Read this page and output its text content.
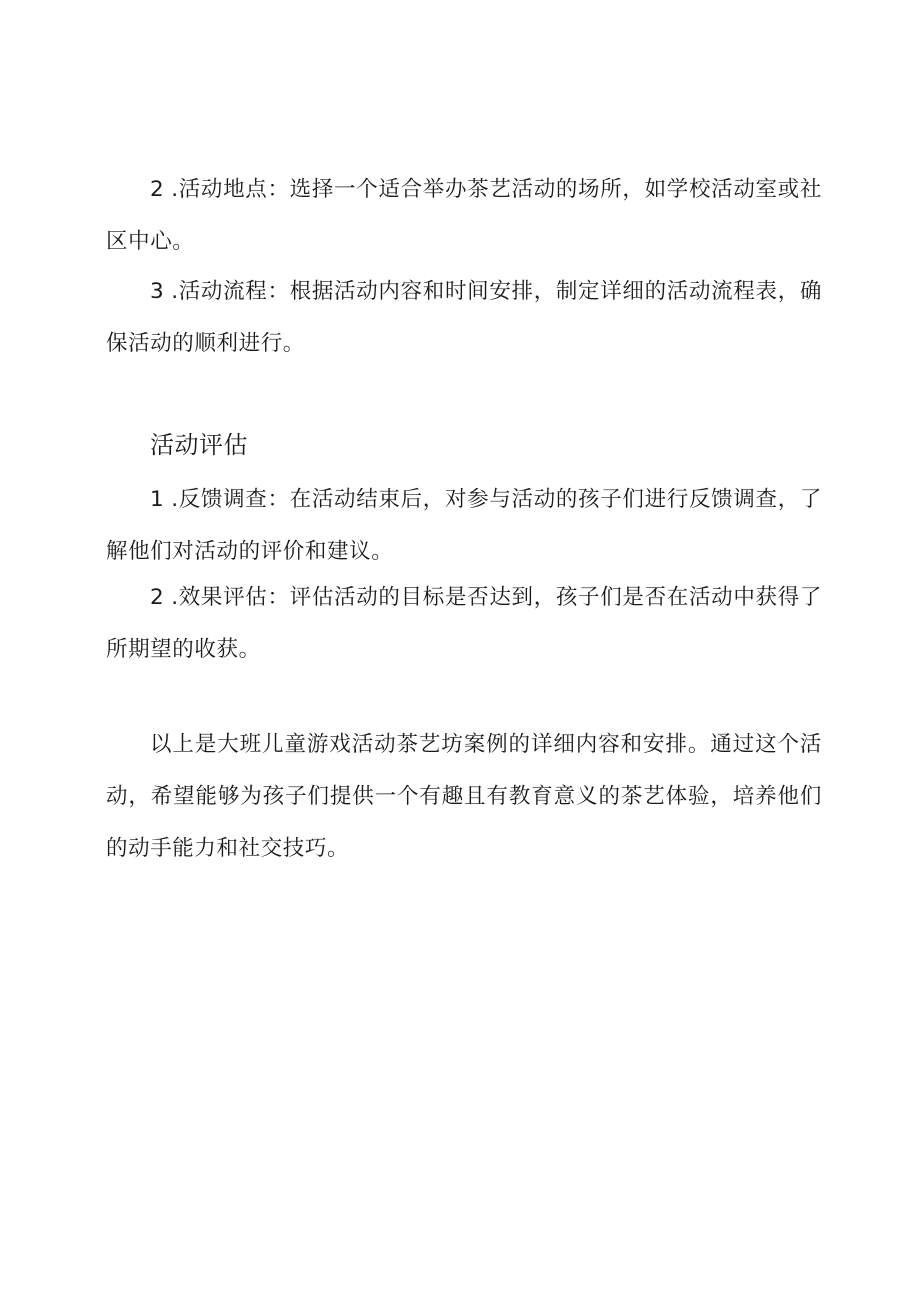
2 .活动地点：选择一个适合举办茶艺活动的场所，如学校活动室或社区中心。

3 .活动流程：根据活动内容和时间安排，制定详细的活动流程表，确保活动的顺利进行。

活动评估

1 .反馈调查：在活动结束后，对参与活动的孩子们进行反馈调查，了解他们对活动的评价和建议。

2 .效果评估：评估活动的目标是否达到，孩子们是否在活动中获得了所期望的收获。

以上是大班儿童游戏活动茶艺坊案例的详细内容和安排。通过这个活动，希望能够为孩子们提供一个有趣且有教育意义的茶艺体验，培养他们的动手能力和社交技巧。
